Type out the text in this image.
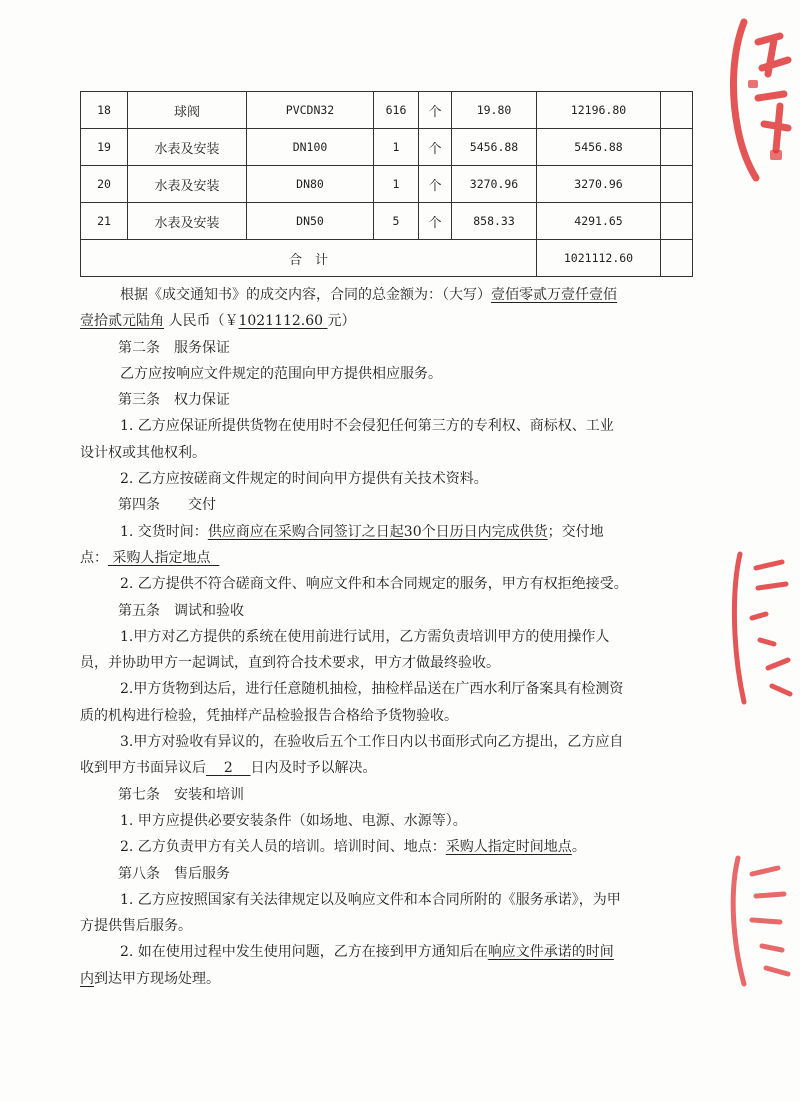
18	球阀	PVCDN32	616	个	19.80	12196.80	
19	水表及安装	DN100	1	个	5456.88	5456.88	
20	水表及安装	DN80	1	个	3270.96	3270.96	
21	水表及安装	DN50	5	个	858.33	4291.65	
合　计						1021112.60	

根据《成交通知书》的成交内容，合同的总金额为：（大写）壹佰零贰万壹仟壹佰

壹拾贰元陆角 人民币（￥1021112.60 元）

第二条　服务保证

乙方应按响应文件规定的范围向甲方提供相应服务。

第三条　权力保证

1. 乙方应保证所提供货物在使用时不会侵犯任何第三方的专利权、商标权、工业

设计权或其他权利。

2. 乙方应按磋商文件规定的时间向甲方提供有关技术资料。

第四条　　交付

1. 交货时间：供应商应在采购合同签订之日起30个日历日内完成供货；交付地

点： 采购人指定地点

2. 乙方提供不符合磋商文件、响应文件和本合同规定的服务，甲方有权拒绝接受。

第五条　调试和验收

1.甲方对乙方提供的系统在使用前进行试用，乙方需负责培训甲方的使用操作人

员，并协助甲方一起调试，直到符合技术要求，甲方才做最终验收。

2.甲方货物到达后，进行任意随机抽检，抽检样品送在广西水利厅备案具有检测资

质的机构进行检验，凭抽样产品检验报告合格给予货物验收。

3.甲方对验收有异议的，在验收后五个工作日内以书面形式向乙方提出，乙方应自

收到甲方书面异议后 2 日内及时予以解决。

第七条　安装和培训

1. 甲方应提供必要安装条件（如场地、电源、水源等）。

2. 乙方负责甲方有关人员的培训。培训时间、地点：采购人指定时间地点。

第八条　售后服务

1. 乙方应按照国家有关法律规定以及响应文件和本合同所附的《服务承诺》，为甲

方提供售后服务。

2. 如在使用过程中发生使用问题，乙方在接到甲方通知后在响应文件承诺的时间

内到达甲方现场处理。
